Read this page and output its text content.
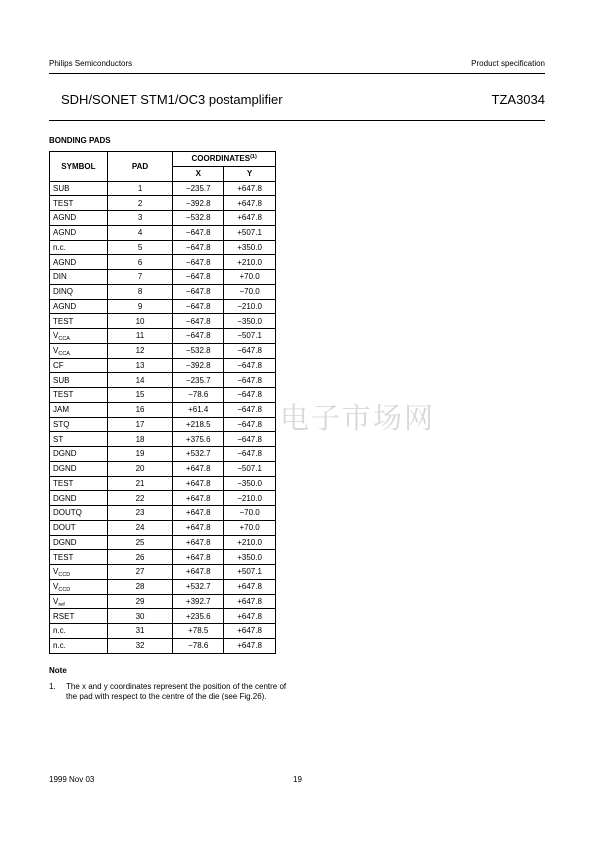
Philips Semiconductors	Product specification
SDH/SONET STM1/OC3 postamplifier	TZA3034
BONDING PADS
SYMBOL	PAD	COORDINATES$^{(1)}$
		X	Y
SUB	1	−235.7	+647.8
TEST	2	−392.8	+647.8
AGND	3	−532.8	+647.8
AGND	4	−647.8	+507.1
n.c.	5	−647.8	+350.0
AGND	6	−647.8	+210.0
DIN	7	−647.8	+70.0
DINQ	8	−647.8	−70.0
AGND	9	−647.8	−210.0
TEST	10	−647.8	−350.0
$V_{CCA}$	11	−647.8	−507.1
$V_{CCA}$	12	−532.8	−647.8
CF	13	−392.8	−647.8
SUB	14	−235.7	−647.8
TEST	15	−78.6	−647.8
JAM	16	+61.4	−647.8
STQ	17	+218.5	−647.8
ST	18	+375.6	−647.8
DGND	19	+532.7	−647.8
DGND	20	+647.8	−507.1
TEST	21	+647.8	−350.0
DGND	22	+647.8	−210.0
DOUTQ	23	+647.8	−70.0
DOUT	24	+647.8	+70.0
DGND	25	+647.8	+210.0
TEST	26	+647.8	+350.0
$V_{CCD}$	27	+647.8	+507.1
$V_{CCD}$	28	+532.7	+647.8
$V_{ref}$	29	+392.7	+647.8
RSET	30	+235.6	+647.8
n.c.	31	+78.5	+647.8
n.c.	32	−78.6	+647.8
Note
1. The x and y coordinates represent the position of the centre of the pad with respect to the centre of the die (see Fig.26).
1999 Nov 03	19
电子市场网
